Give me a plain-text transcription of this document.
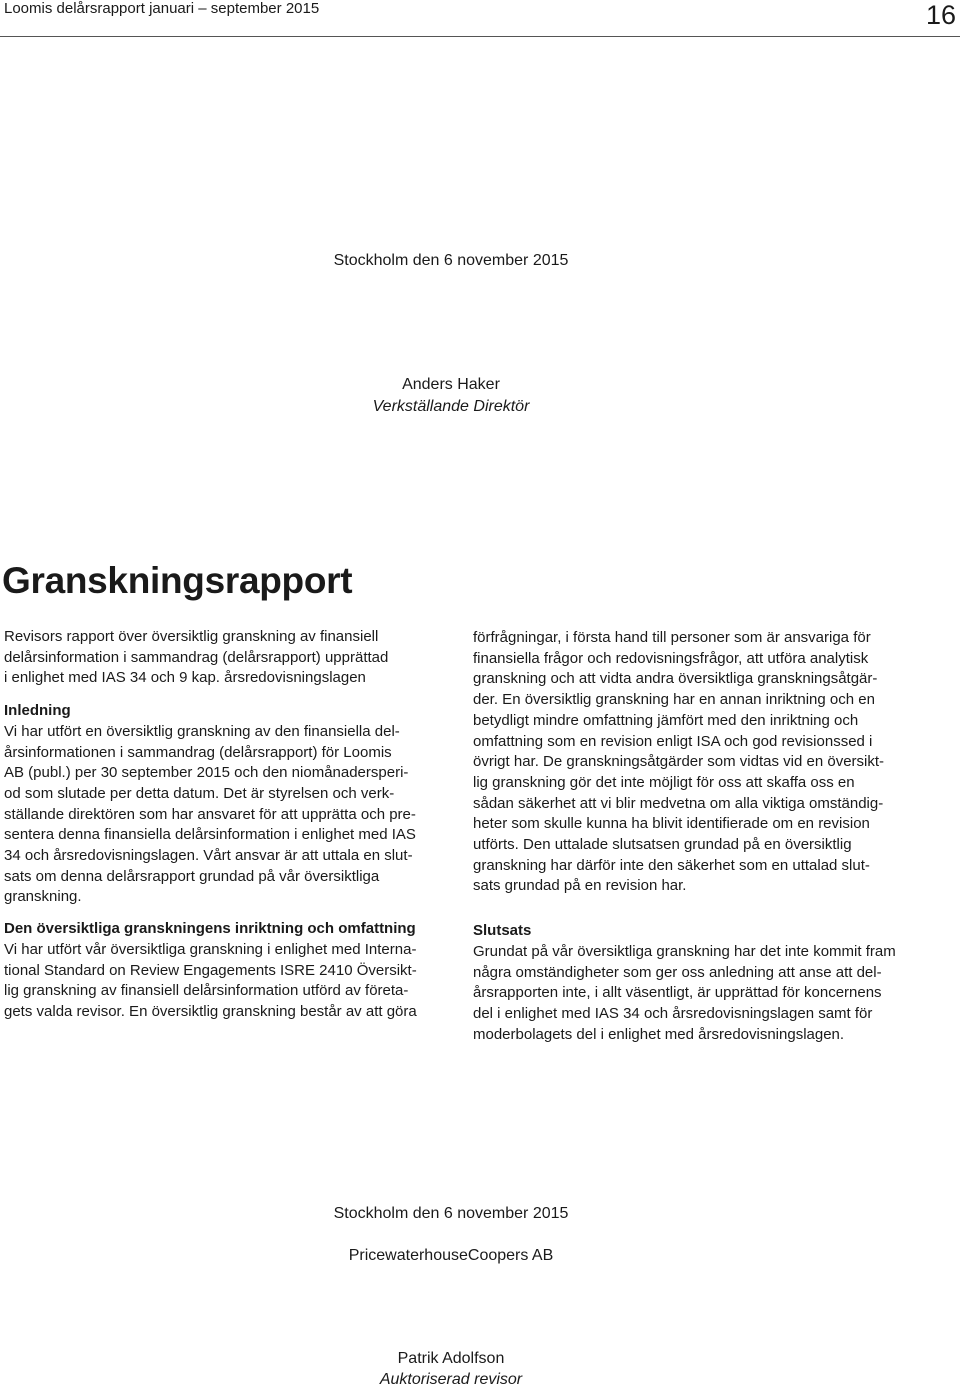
Loomis delårsrapport januari – september 2015	16
Stockholm den 6 november 2015
Anders Haker
Verkställande Direktör
Granskningsrapport
Revisors rapport över översiktlig granskning av finansiell
delårsinformation i sammandrag (delårsrapport) upprättad
i enlighet med IAS 34 och 9 kap. årsredovisningslagen

Inledning

Vi har utfört en översiktlig granskning av den finansiella del-
årsinformationen i sammandrag (delårsrapport) för Loomis
AB (publ.) per 30 september 2015 och den niomånadersperi-
od som slutade per detta datum. Det är styrelsen och verk-
ställande direktören som har ansvaret för att upprätta och pre-
sentera denna finansiella delårsinformation i enlighet med IAS
34 och årsredovisningslagen. Vårt ansvar är att uttala en slut-
sats om denna delårsrapport grundad på vår översiktliga
granskning.

Den översiktliga granskningens inriktning och omfattning

Vi har utfört vår översiktliga granskning i enlighet med Interna-
tional Standard on Review Engagements ISRE 2410 Översikt-
lig granskning av finansiell delårsinformation utförd av företa-
gets valda revisor. En översiktlig granskning består av att göra
förfrågningar, i första hand till personer som är ansvariga för
finansiella frågor och redovisningsfrågor, att utföra analytisk
granskning och att vidta andra översiktliga granskningsåtgär-
der. En översiktlig granskning har en annan inriktning och en
betydligt mindre omfattning jämfört med den inriktning och
omfattning som en revision enligt ISA och god revisionssed i
övrigt har. De granskningsåtgärder som vidtas vid en översikt-
lig granskning gör det inte möjligt för oss att skaffa oss en
sådan säkerhet att vi blir medvetna om alla viktiga omständig-
heter som skulle kunna ha blivit identifierade om en revision
utförts. Den uttalade slutsatsen grundad på en översiktlig
granskning har därför inte den säkerhet som en uttalad slut-
sats grundad på en revision har.

Slutsats

Grundat på vår översiktliga granskning har det inte kommit fram
några omständigheter som ger oss anledning att anse att del-
årsrapporten inte, i allt väsentligt, är upprättad för koncernens
del i enlighet med IAS 34 och årsredovisningslagen samt för
moderbolagets del i enlighet med årsredovisningslagen.
Stockholm den 6 november 2015
PricewaterhouseCoopers AB
Patrik Adolfson
Auktoriserad revisor
